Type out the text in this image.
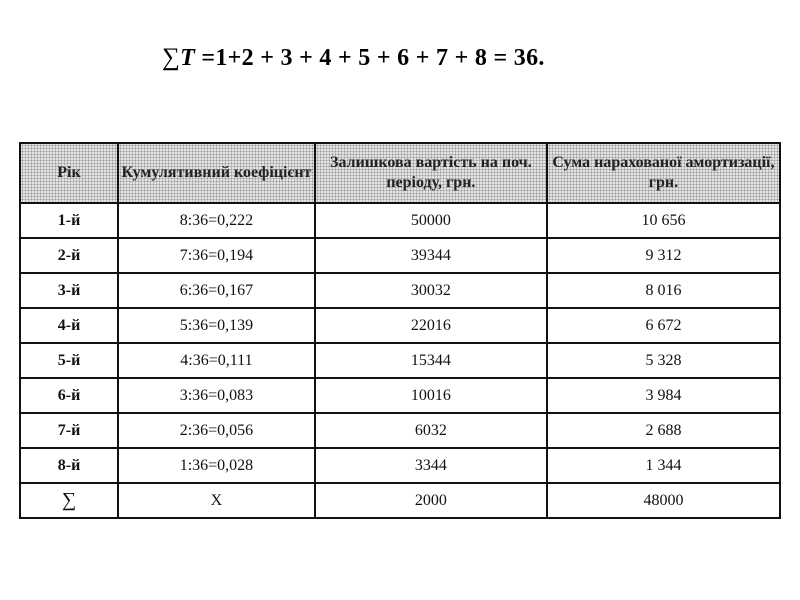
∑T =1+2 + 3 + 4 + 5 + 6 + 7 + 8 = 36.
Рік	Кумулятивний коефіцієнт	Залишкова вартість на поч. періоду, грн.	Сума нарахованої амортизації, грн.
1-й	8:36=0,222	50000	10 656
2-й	7:36=0,194	39344	9 312
3-й	6:36=0,167	30032	8 016
4-й	5:36=0,139	22016	6 672
5-й	4:36=0,111	15344	5 328
6-й	3:36=0,083	10016	3 984
7-й	2:36=0,056	6032	2 688
8-й	1:36=0,028	3344	1 344
∑	X	2000	48000
